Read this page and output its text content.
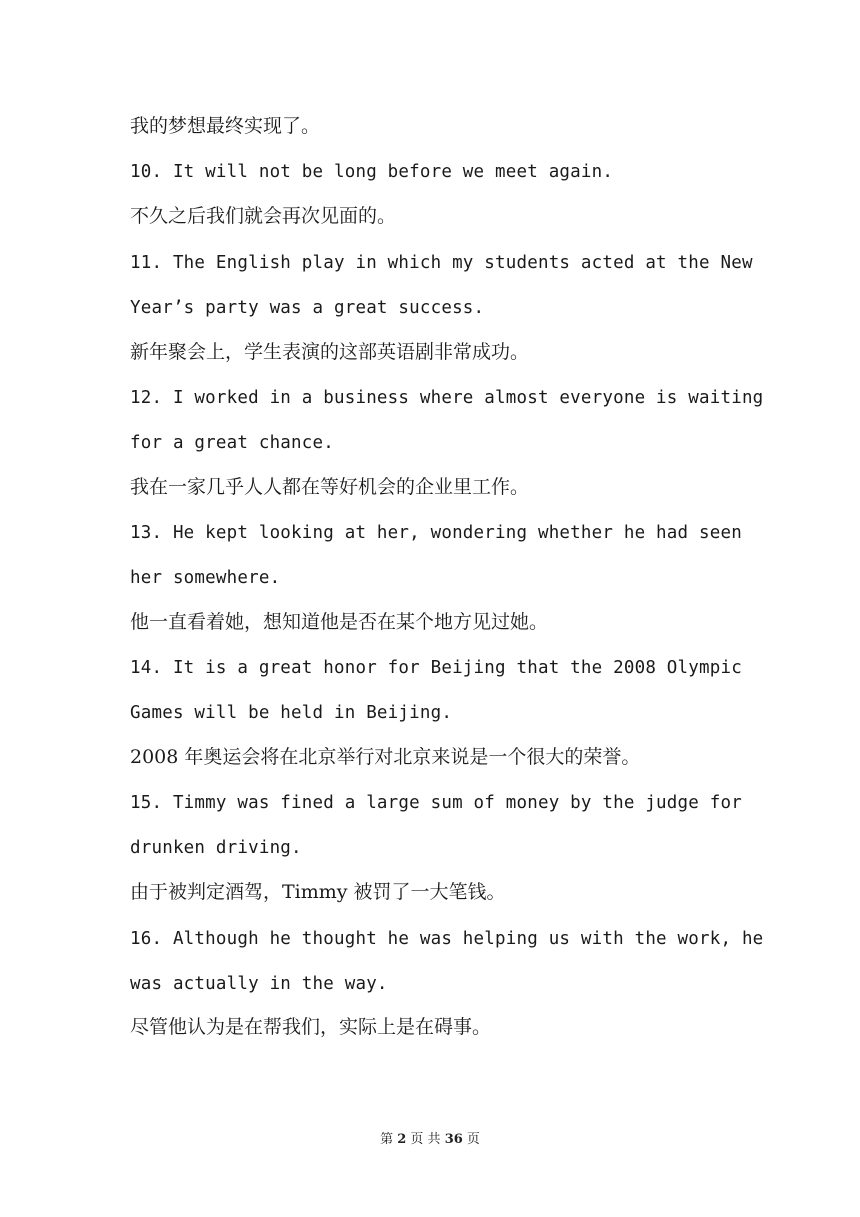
我的梦想最终实现了。
10. It will not be long before we meet again.
不久之后我们就会再次见面的。
11. The English play in which my students acted at the New
Year’s party was a great success.
新年聚会上，学生表演的这部英语剧非常成功。
12. I worked in a business where almost everyone is waiting
for a great chance.
我在一家几乎人人都在等好机会的企业里工作。
13. He kept looking at her, wondering whether he had seen
her somewhere.
他一直看着她，想知道他是否在某个地方见过她。
14. It is a great honor for Beijing that the 2008 Olympic
Games will be held in Beijing.
2008 年奥运会将在北京举行对北京来说是一个很大的荣誉。
15. Timmy was fined a large sum of money by the judge for
drunken driving.
由于被判定酒驾，Timmy 被罚了一大笔钱。
16. Although he thought he was helping us with the work, he
was actually in the way.
尽管他认为是在帮我们，实际上是在碍事。
第 2 页 共 36 页
